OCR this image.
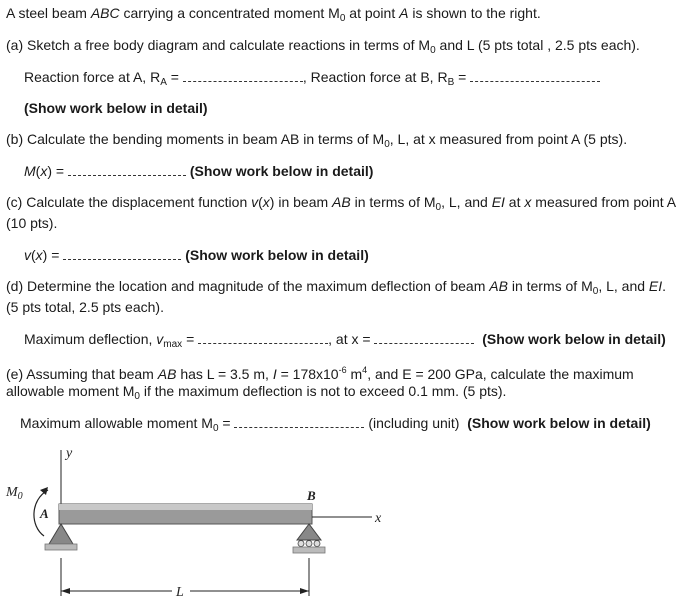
A steel beam ABC carrying a concentrated moment $M_0$ at point A is shown to the right.
(a) Sketch a free body diagram and calculate reactions in terms of $M_0$ and L (5 pts total , 2.5 pts each).
Reaction force at A, $R_A$ =	, Reaction force at B, $R_B$ =
(Show work below in detail)
(b) Calculate the bending moments in beam AB in terms of $M_0$, L, at x measured from point A (5 pts).
M(x) =	(Show work below in detail)
(c) Calculate the displacement function v(x) in beam AB in terms of $M_0$, L, and EI at x measured from point A
(10 pts).
v(x) =	(Show work below in detail)
(d) Determine the location and magnitude of the maximum deflection of beam AB in terms of $M_0$, L, and EI.
(5 pts total, 2.5 pts each).
Maximum deflection, $v_{max}$ =	, at x =	(Show work below in detail)
(e) Assuming that beam AB has L = 3.5 m, $I = 178x10^{-6}$ $m^4$, and E = 200 GPa, calculate the maximum
allowable moment $M_0$ if the maximum deflection is not to exceed 0.1 mm. (5 pts).
Maximum allowable moment $M_0$ =	(including unit) (Show work below in detail)
y
$M_0$
A
B
x
L
